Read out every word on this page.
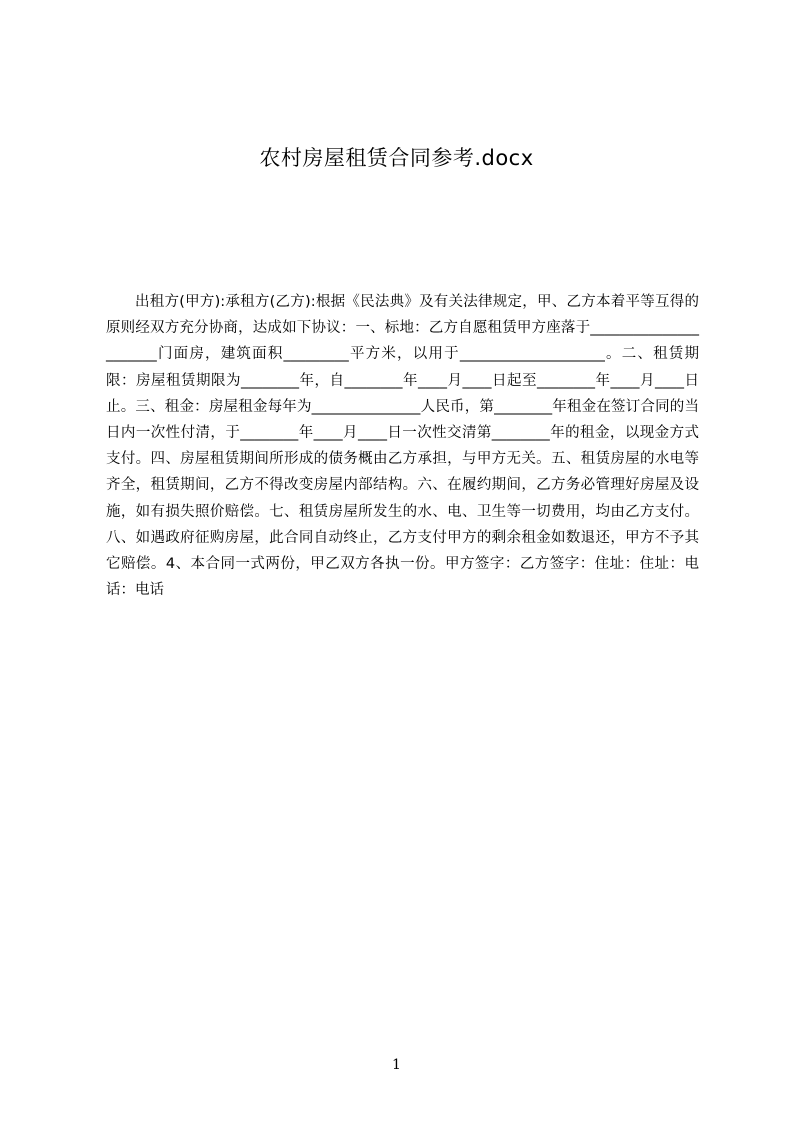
农村房屋租赁合同参考.docx

出租方(甲方):承租方(乙方):根据《民法典》及有关法律规定，甲、乙方本着平等互得的原则经双方充分协商，达成如下协议：一、标地：乙方自愿租赁甲方座落于______________________门面房，建筑面积_________平方米，以用于____________________。二、租赁期限：房屋租赁期限为________年，自________年____月____日起至________年____月____日止。三、租金：房屋租金每年为_______________人民币，第________年租金在签订合同的当日内一次性付清，于________年____月____日一次性交清第________年的租金，以现金方式支付。四、房屋租赁期间所形成的债务概由乙方承担，与甲方无关。五、租赁房屋的水电等齐全，租赁期间，乙方不得改变房屋内部结构。六、在履约期间，乙方务必管理好房屋及设施，如有损失照价赔偿。七、租赁房屋所发生的水、电、卫生等一切费用，均由乙方支付。八、如遇政府征购房屋，此合同自动终止，乙方支付甲方的剩余租金如数退还，甲方不予其它赔偿。4、本合同一式两份，甲乙双方各执一份。甲方签字：乙方签字：住址：住址：电话：电话

1
